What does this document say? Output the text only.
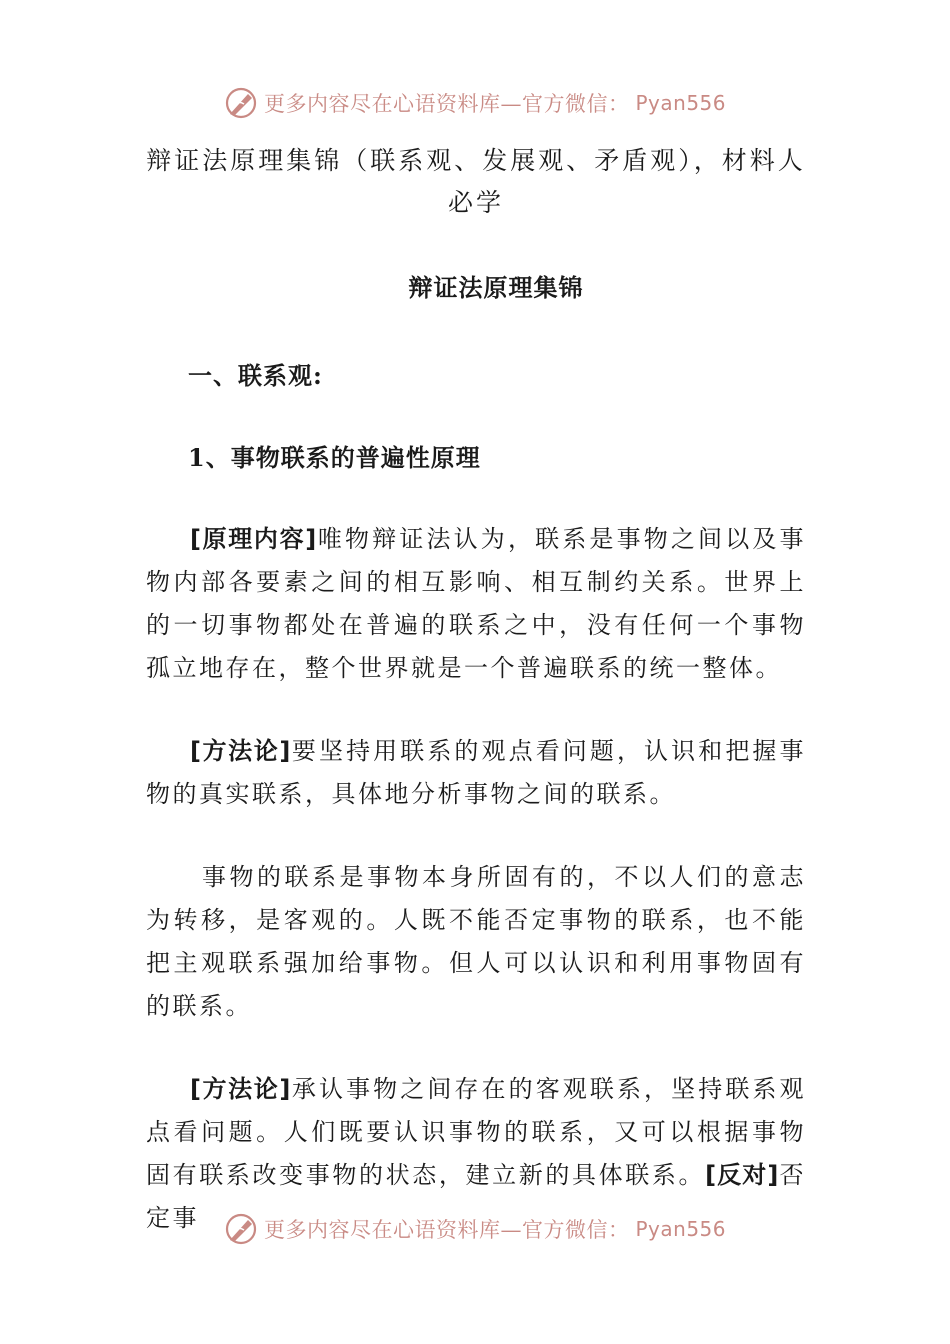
更多内容尽在心语资料库—官方微信： Pyan556

辩证法原理集锦（联系观、发展观、矛盾观），材料人必学

辩证法原理集锦

一、联系观:

1、事物联系的普遍性原理

[原理内容]唯物辩证法认为，联系是事物之间以及事物内部各要素之间的相互影响、相互制约关系。世界上的一切事物都处在普遍的联系之中，没有任何一个事物孤立地存在，整个世界就是一个普遍联系的统一整体。

[方法论]要坚持用联系的观点看问题，认识和把握事物的真实联系，具体地分析事物之间的联系。

事物的联系是事物本身所固有的，不以人们的意志为转移，是客观的。人既不能否定事物的联系，也不能把主观联系强加给事物。但人可以认识和利用事物固有的联系。

[方法论]承认事物之间存在的客观联系，坚持联系观点看问题。人们既要认识事物的联系，又可以根据事物固有联系改变事物的状态，建立新的具体联系。[反对]否定事	更多内容尽在心语资料库—官方微信： Pyan556
